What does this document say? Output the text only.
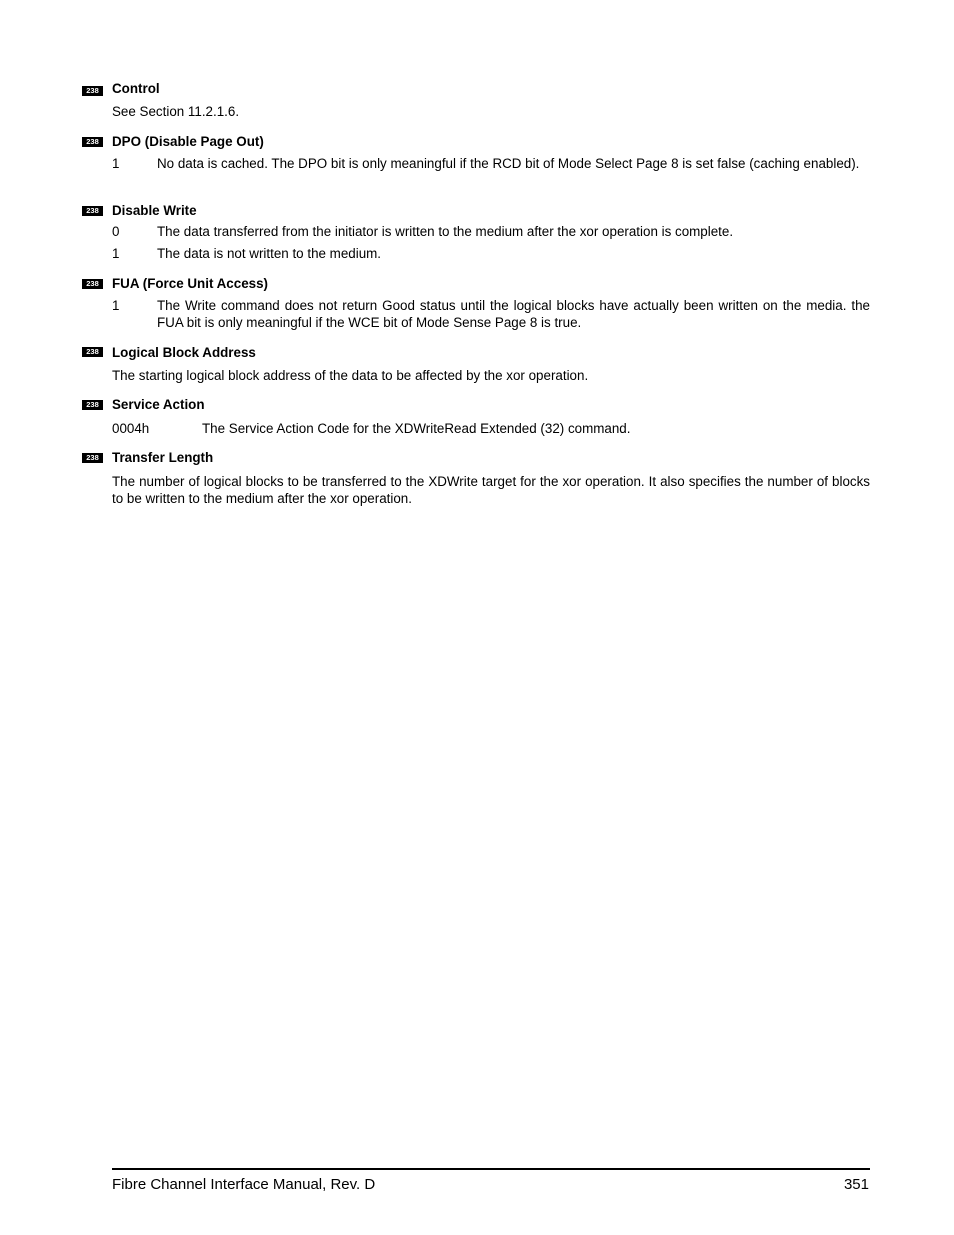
238 Control
See Section 11.2.1.6.
238 DPO (Disable Page Out)
1	No data is cached. The DPO bit is only meaningful if the RCD bit of Mode Select Page 8 is set false (caching enabled).
238 Disable Write
0	The data transferred from the initiator is written to the medium after the xor operation is complete.
1	The data is not written to the medium.
238 FUA (Force Unit Access)
1	The Write command does not return Good status until the logical blocks have actually been written on the media. the FUA bit is only meaningful if the WCE bit of Mode Sense Page 8 is true.
238 Logical Block Address
The starting logical block address of the data to be affected by the xor operation.
238 Service Action
0004h	The Service Action Code for the XDWriteRead Extended (32) command.
238 Transfer Length
The number of logical blocks to be transferred to the XDWrite target for the xor operation. It also specifies the number of blocks to be written to the medium after the xor operation.
Fibre Channel Interface Manual, Rev. D	351
